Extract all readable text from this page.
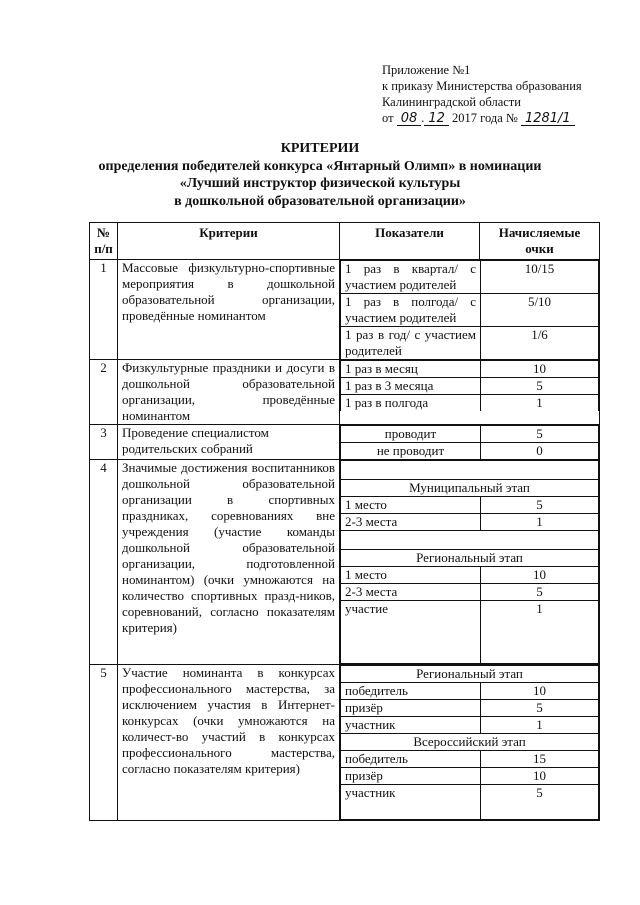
Приложение №1
к приказу Министерства образования
Калининградской области
от 08 . 12 2017 года № 1281/1
КРИТЕРИИ
определения победителей конкурса «Янтарный Олимп» в номинации
«Лучший инструктор физической культуры
в дошкольной образовательной организации»
№ п/п	Критерии	Показатели	Начисляемые очки
1	Массовые физкультурно-спортивные мероприятия в дошкольной образовательной организации, проведённые номинантом	
1 раз в квартал/ с участием родителей	10/15
1 раз в полгода/ с участием родителей	5/10
1 раз в год/ с участием родителей	1/6

2	Физкультурные праздники и досуги в дошкольной образовательной организации, проведённые номинантом	
1 раз в месяц	10
1 раз в 3 месяца	5
1 раз в полгода	1

3	Проведение специалистом родительских собраний	
проводит	5
не проводит	0

4	Значимые достижения воспитанников дошкольной образовательной организации в спортивных праздниках, соревнованиях вне учреждения (участие команды дошкольной образовательной организации, подготовленной номинантом) (очки умножаются на количество спортивных празд-ников, соревнований, согласно показателям критерия)	

Муниципальный этап
1 место	5
2-3 места	1

Региональный этап
1 место	10
2-3 места	5
участие	1

5	Участие номинанта в конкурсах профессионального мастерства, за исключением участия в Интернет-конкурсах (очки умножаются на количест-во участий в конкурсах профессионального мастерства, согласно показателям критерия)	
Региональный этап
победитель	10
призёр	5
участник	1
Всероссийский этап
победитель	15
призёр	10
участник	5
